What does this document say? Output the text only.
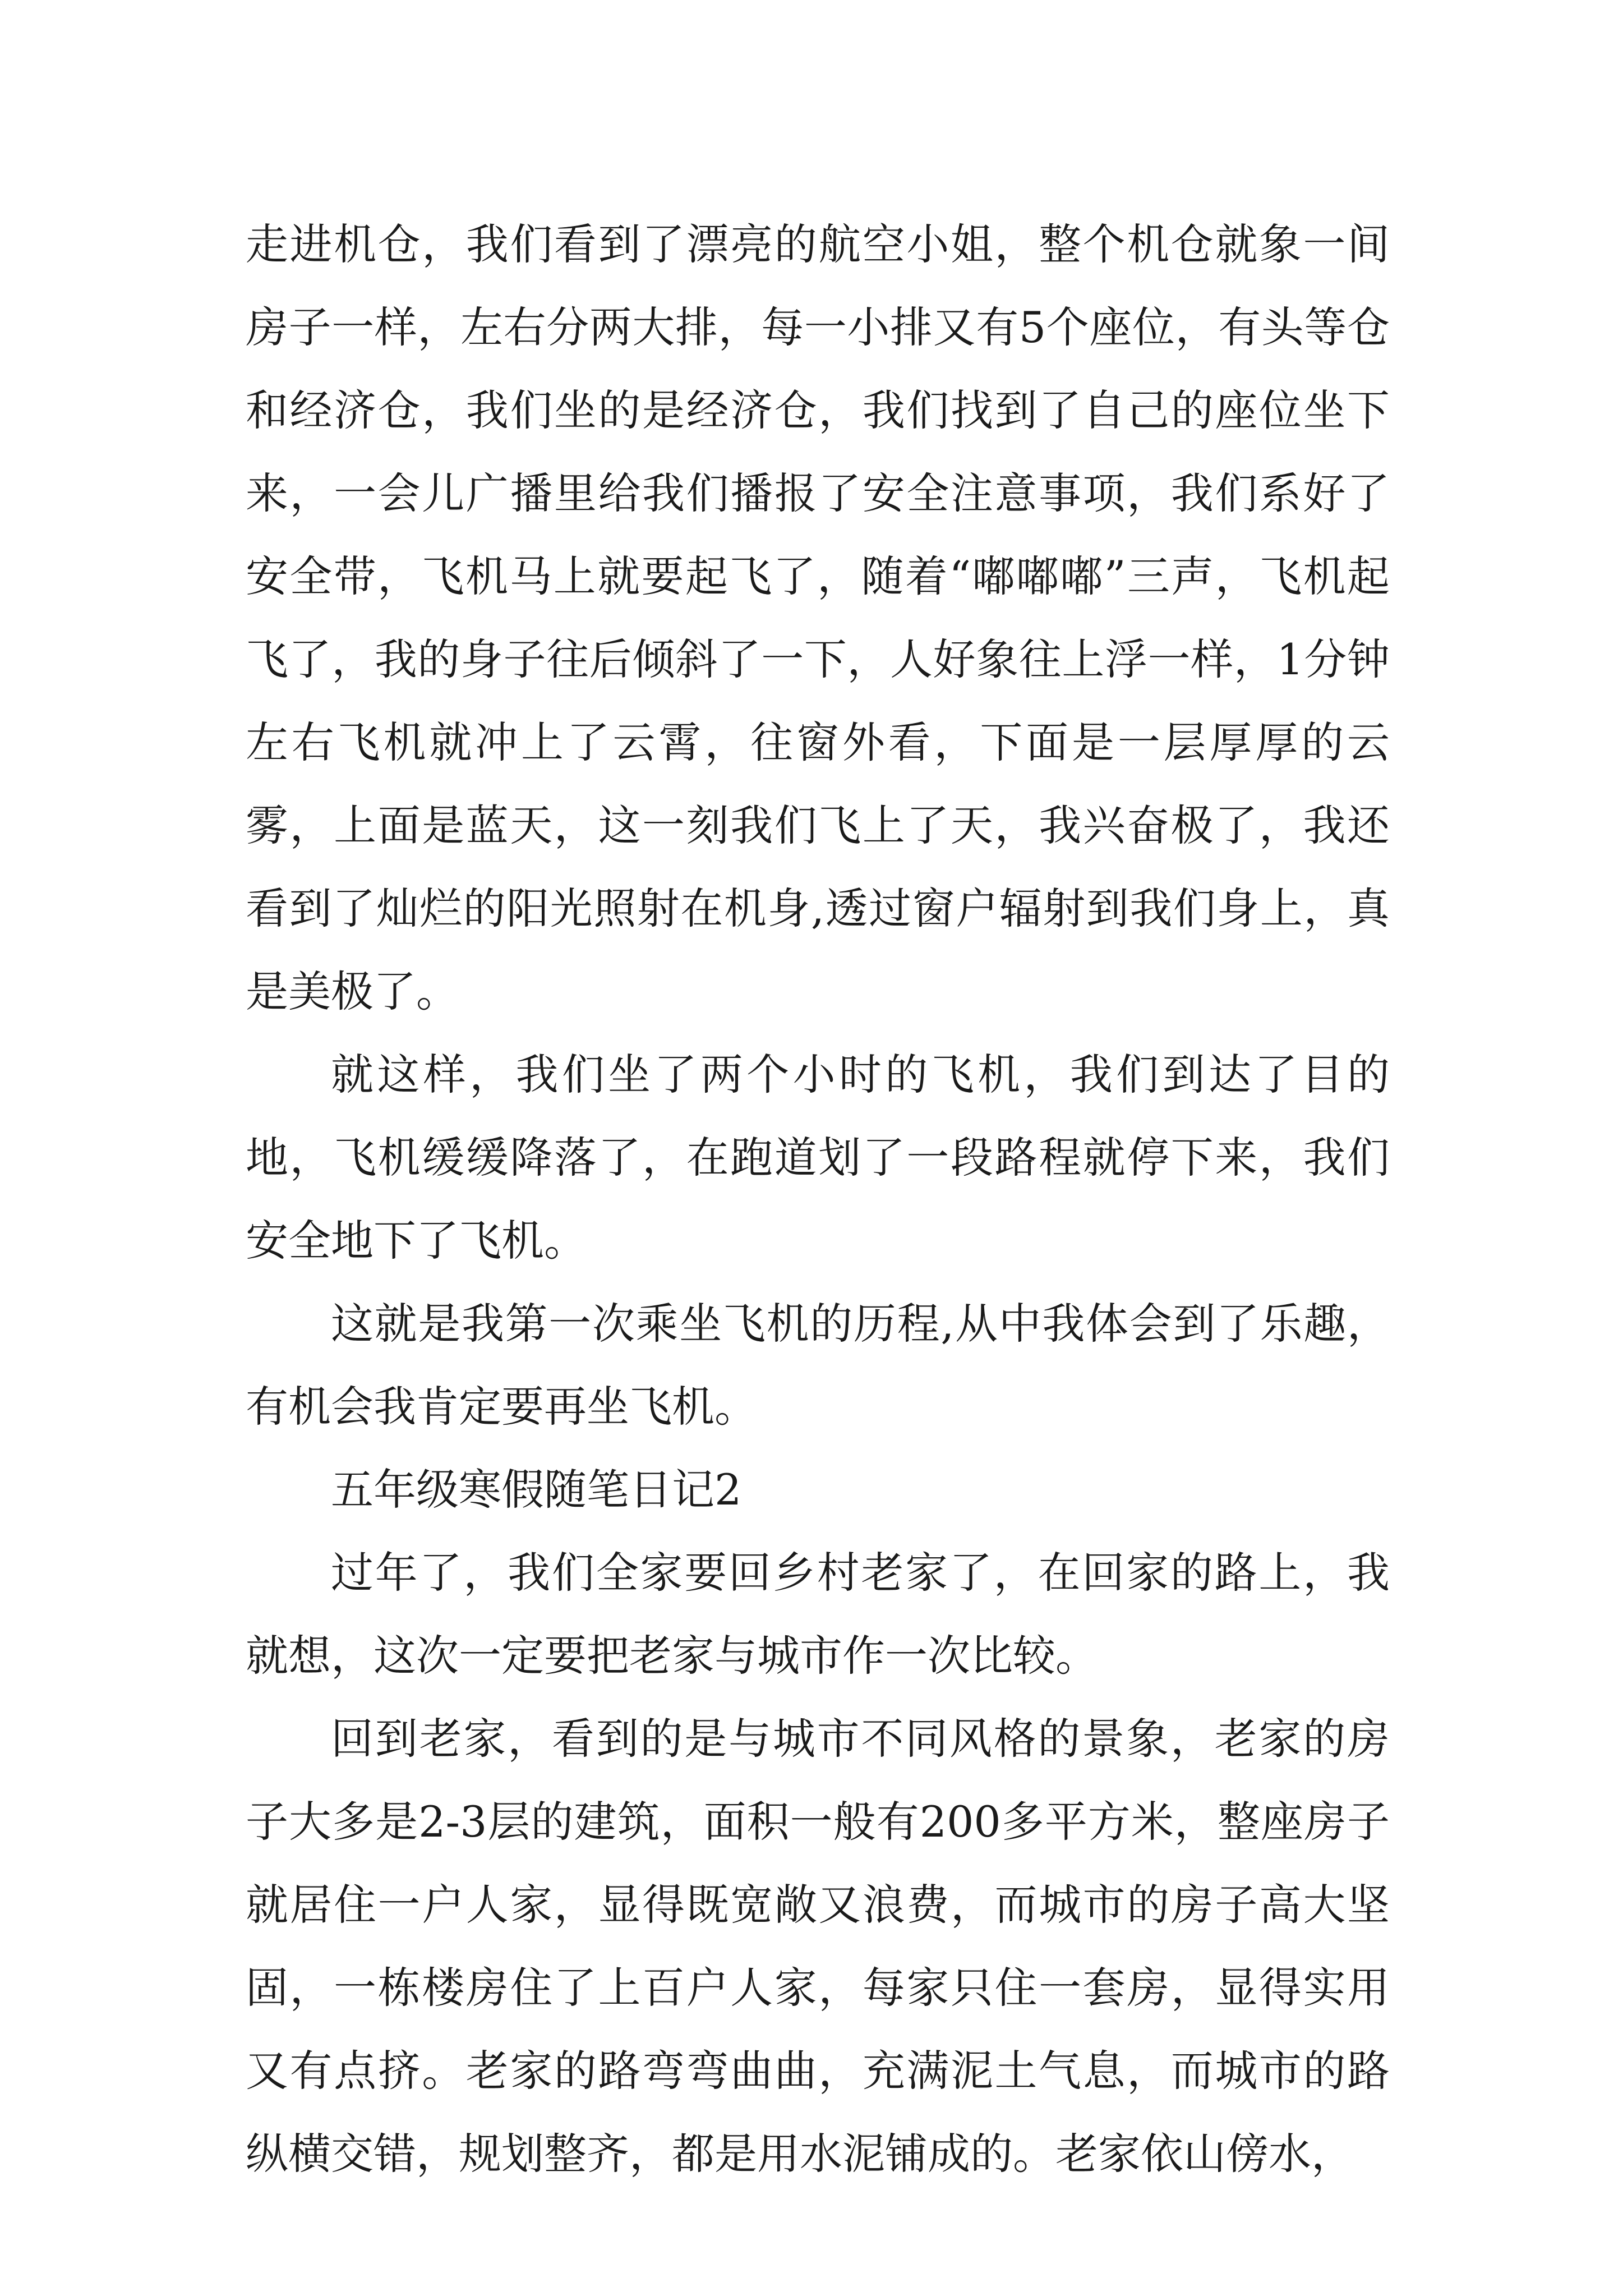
走进机仓，我们看到了漂亮的航空小姐，整个机仓就象一间房子一样，左右分两大排，每一小排又有5个座位，有头等仓和经济仓，我们坐的是经济仓，我们找到了自己的座位坐下来，一会儿广播里给我们播报了安全注意事项，我们系好了安全带，飞机马上就要起飞了，随着“嘟嘟嘟”三声，飞机起飞了，我的身子往后倾斜了一下，人好象往上浮一样，1分钟左右飞机就冲上了云霄，往窗外看，下面是一层厚厚的云雾，上面是蓝天，这一刻我们飞上了天，我兴奋极了，我还看到了灿烂的阳光照射在机身,透过窗户辐射到我们身上，真是美极了。

就这样，我们坐了两个小时的飞机，我们到达了目的地，飞机缓缓降落了，在跑道划了一段路程就停下来，我们安全地下了飞机。

这就是我第一次乘坐飞机的历程,从中我体会到了乐趣，有机会我肯定要再坐飞机。

五年级寒假随笔日记2

过年了，我们全家要回乡村老家了，在回家的路上，我就想，这次一定要把老家与城市作一次比较。

回到老家，看到的是与城市不同风格的景象，老家的房子大多是2-3层的建筑，面积一般有200多平方米，整座房子就居住一户人家，显得既宽敞又浪费，而城市的房子高大坚固，一栋楼房住了上百户人家，每家只住一套房，显得实用又有点挤。老家的路弯弯曲曲，充满泥土气息，而城市的路纵横交错，规划整齐，都是用水泥铺成的。老家依山傍水，
